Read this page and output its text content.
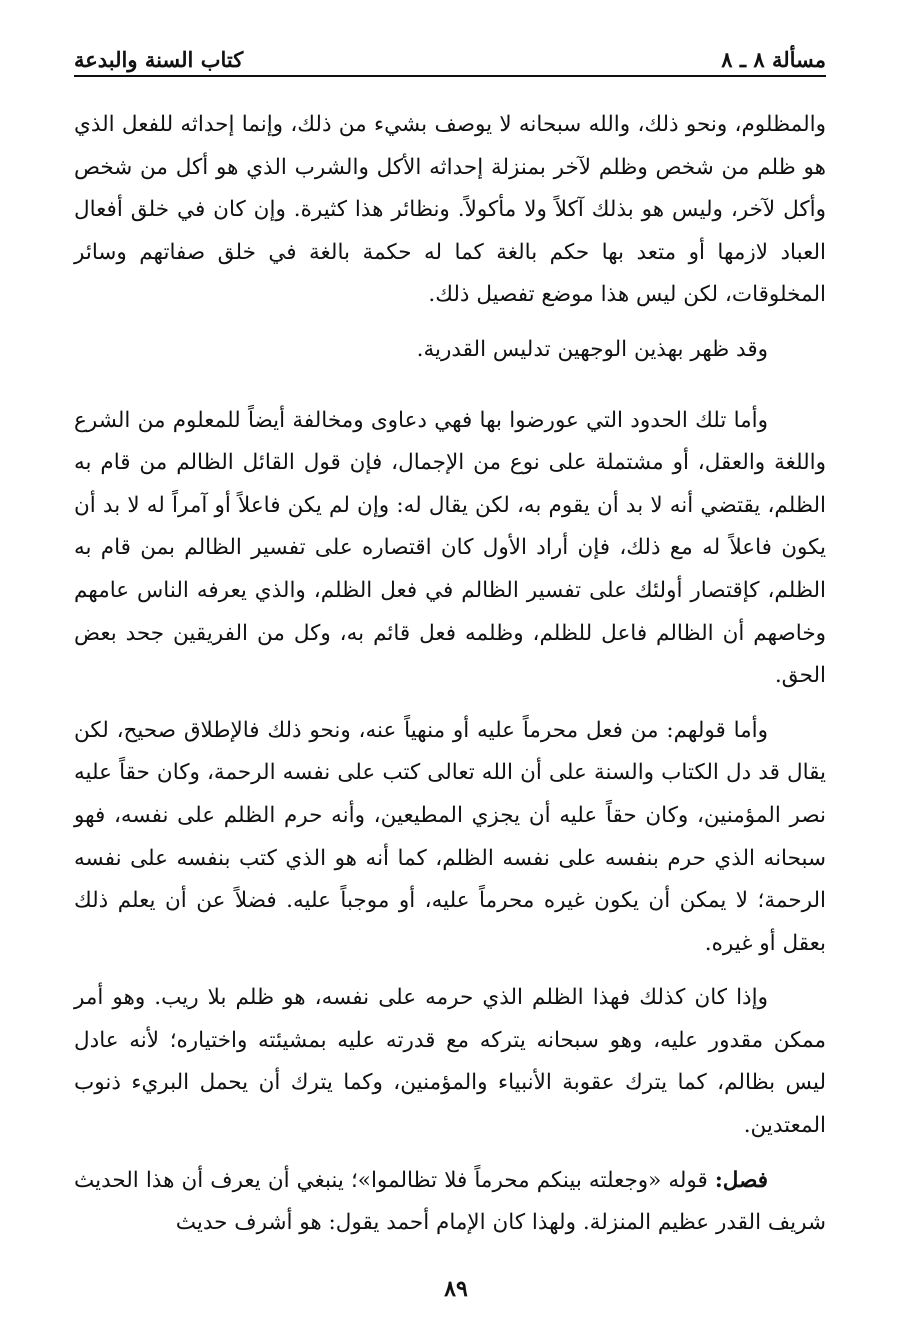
مسألة ٨ ـ ٨
كتاب السنة والبدعة

والمظلوم، ونحو ذلك، والله سبحانه لا يوصف بشيء من ذلك، وإنما إحداثه للفعل الذي هو ظلم من شخص وظلم لآخر بمنزلة إحداثه الأكل والشرب الذي هو أكل من شخص وأكل لآخر، وليس هو بذلك آكلاً ولا مأكولاً. ونظائر هذا كثيرة. وإن كان في خلق أفعال العباد لازمها أو متعد بها حكم بالغة كما له حكمة بالغة في خلق صفاتهم وسائر المخلوقات، لكن ليس هذا موضع تفصيل ذلك.

وقد ظهر بهذين الوجهين تدليس القدرية.

وأما تلك الحدود التي عورضوا بها فهي دعاوى ومخالفة أيضاً للمعلوم من الشرع واللغة والعقل، أو مشتملة على نوع من الإجمال، فإن قول القائل الظالم من قام به الظلم، يقتضي أنه لا بد أن يقوم به، لكن يقال له: وإن لم يكن فاعلاً أو آمراً له لا بد أن يكون فاعلاً له مع ذلك، فإن أراد الأول كان اقتصاره على تفسير الظالم بمن قام به الظلم، كإقتصار أولئك على تفسير الظالم في فعل الظلم، والذي يعرفه الناس عامهم وخاصهم أن الظالم فاعل للظلم، وظلمه فعل قائم به، وكل من الفريقين جحد بعض الحق.

وأما قولهم: من فعل محرماً عليه أو منهياً عنه، ونحو ذلك فالإطلاق صحيح، لكن يقال قد دل الكتاب والسنة على أن الله تعالى كتب على نفسه الرحمة، وكان حقاً عليه نصر المؤمنين، وكان حقاً عليه أن يجزي المطيعين، وأنه حرم الظلم على نفسه، فهو سبحانه الذي حرم بنفسه على نفسه الظلم، كما أنه هو الذي كتب بنفسه على نفسه الرحمة؛ لا يمكن أن يكون غيره محرماً عليه، أو موجباً عليه. فضلاً عن أن يعلم ذلك بعقل أو غيره.

وإذا كان كذلك فهذا الظلم الذي حرمه على نفسه، هو ظلم بلا ريب. وهو أمر ممكن مقدور عليه، وهو سبحانه يتركه مع قدرته عليه بمشيئته واختياره؛ لأنه عادل ليس بظالم، كما يترك عقوبة الأنبياء والمؤمنين، وكما يترك أن يحمل البريء ذنوب المعتدين.

فصل: قوله «وجعلته بينكم محرماً فلا تظالموا»؛ ينبغي أن يعرف أن هذا الحديث شريف القدر عظيم المنزلة. ولهذا كان الإمام أحمد يقول: هو أشرف حديث

٨٩
